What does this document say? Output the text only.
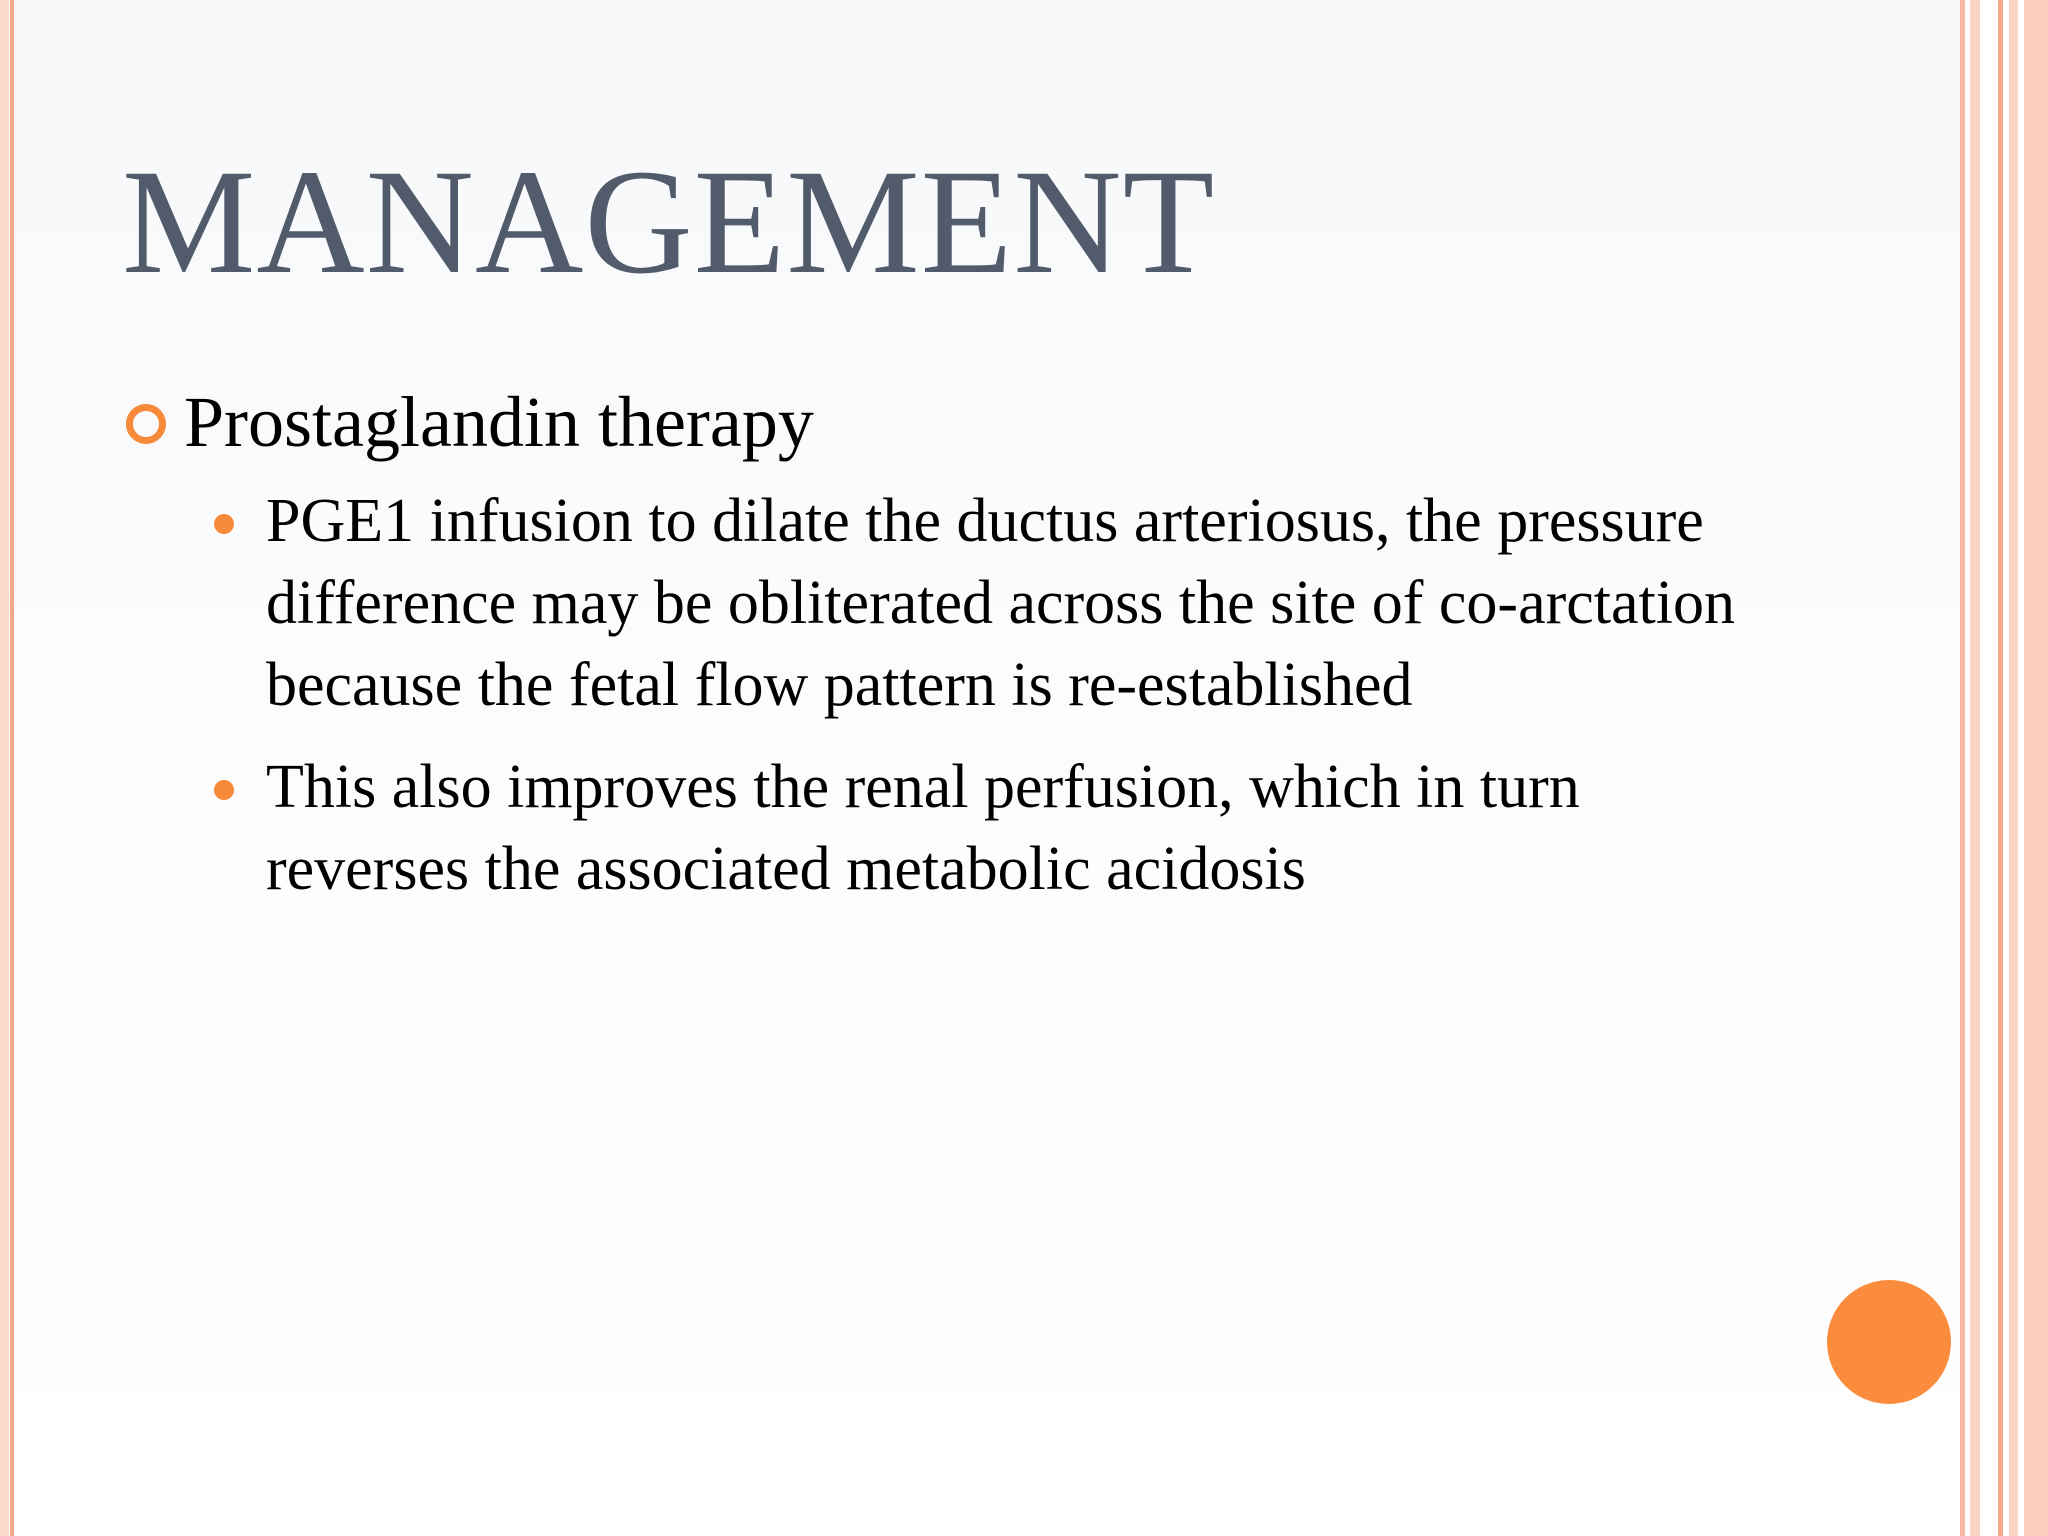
MANAGEMENT
Prostaglandin therapy
PGE1 infusion to dilate the ductus arteriosus, the pressure difference may be obliterated across the site of co-arctation because the fetal flow pattern is re-established
This also improves the renal perfusion, which in turn reverses the associated metabolic acidosis
